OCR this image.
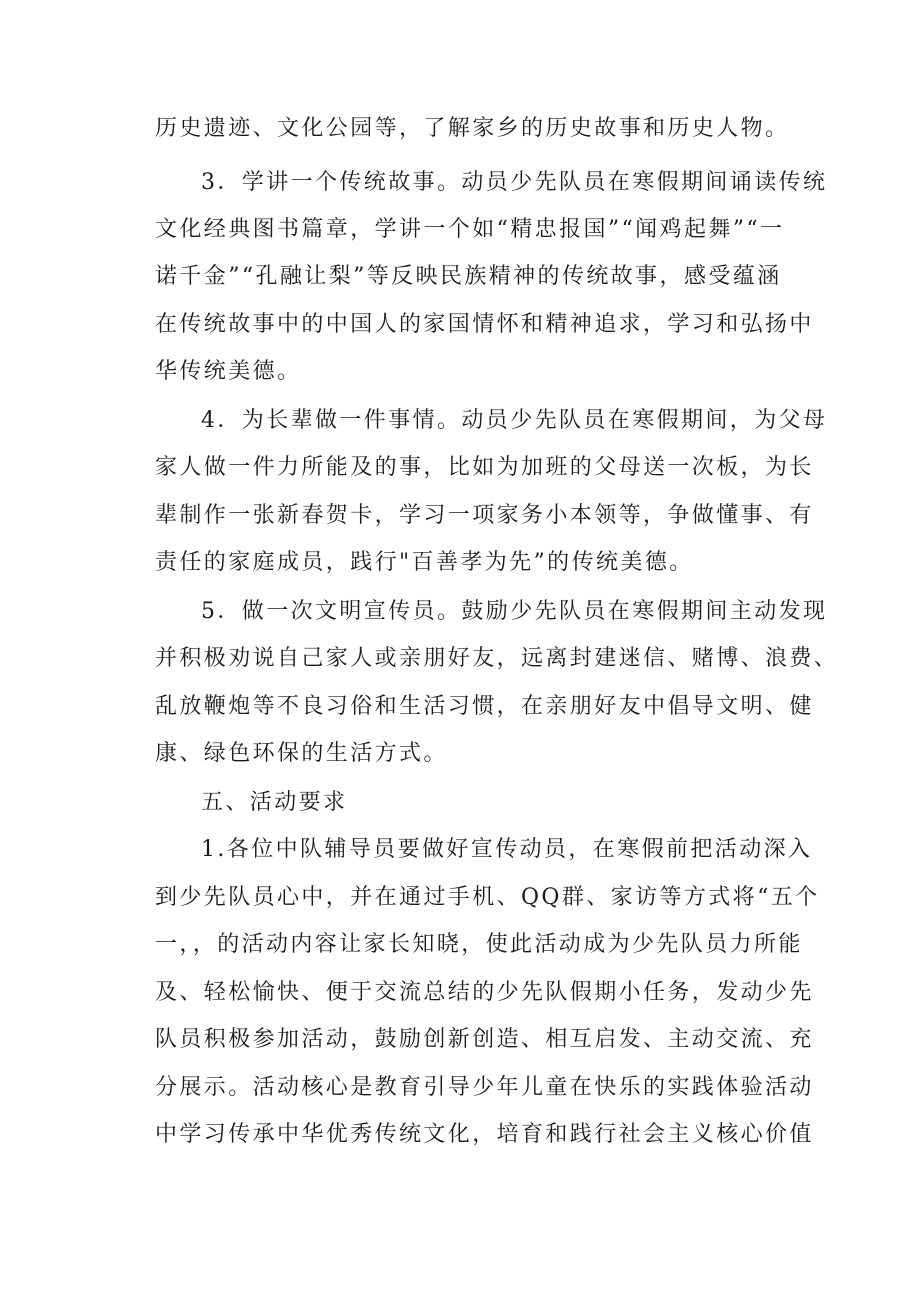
历史遗迹、文化公园等，了解家乡的历史故事和历史人物。
3．学讲一个传统故事。动员少先队员在寒假期间诵读传统
文化经典图书篇章，学讲一个如“精忠报国”“闻鸡起舞”“一
诺千金”“孔融让梨”等反映民族精神的传统故事，感受蕴涵
在传统故事中的中国人的家国情怀和精神追求，学习和弘扬中
华传统美德。
4．为长辈做一件事情。动员少先队员在寒假期间，为父母
家人做一件力所能及的事，比如为加班的父母送一次板，为长
辈制作一张新春贺卡，学习一项家务小本领等，争做懂事、有
责任的家庭成员，践行"百善孝为先”的传统美德。
5．做一次文明宣传员。鼓励少先队员在寒假期间主动发现
并积极劝说自己家人或亲朋好友，远离封建迷信、赌博、浪费、
乱放鞭炮等不良习俗和生活习惯，在亲朋好友中倡导文明、健
康、绿色环保的生活方式。
五、活动要求
1.各位中队辅导员要做好宣传动员，在寒假前把活动深入
到少先队员心中，并在通过手机、QQ群、家访等方式将“五个
一，，的活动内容让家长知晓，使此活动成为少先队员力所能
及、轻松愉快、便于交流总结的少先队假期小任务，发动少先
队员积极参加活动，鼓励创新创造、相互启发、主动交流、充
分展示。活动核心是教育引导少年儿童在快乐的实践体验活动
中学习传承中华优秀传统文化，培育和践行社会主义核心价值
